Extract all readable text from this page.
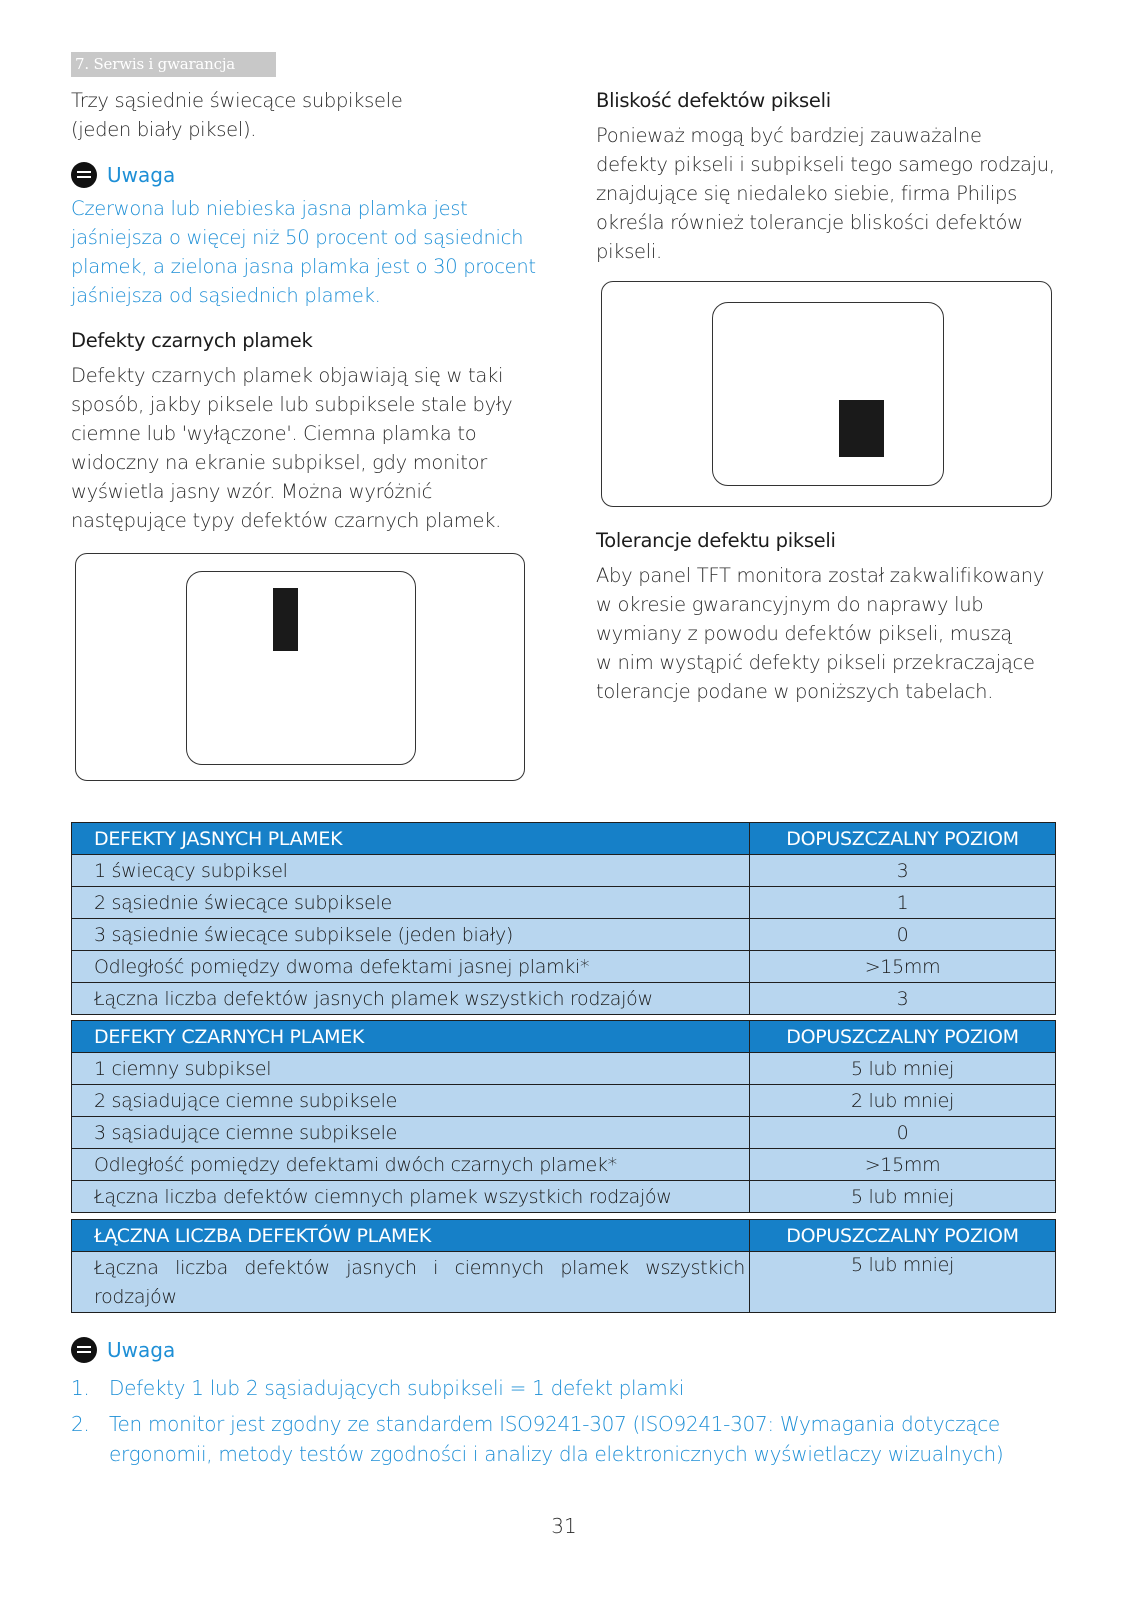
7. Serwis i gwarancja
Trzy sąsiednie świecące subpiksele
(jeden biały piksel).
Uwaga
Czerwona lub niebieska jasna plamka jest
jaśniejsza o więcej niż 50 procent od sąsiednich
plamek, a zielona jasna plamka jest o 30 procent
jaśniejsza od sąsiednich plamek.
Defekty czarnych plamek
Defekty czarnych plamek objawiają się w taki
sposób, jakby piksele lub subpiksele stale były
ciemne lub 'wyłączone'. Ciemna plamka to
widoczny na ekranie subpiksel, gdy monitor
wyświetla jasny wzór. Można wyróżnić
następujące typy defektów czarnych plamek.
Bliskość defektów pikseli
Ponieważ mogą być bardziej zauważalne
defekty pikseli i subpikseli tego samego rodzaju,
znajdujące się niedaleko siebie, firma Philips
określa również tolerancje bliskości defektów
pikseli.
Tolerancje defektu pikseli
Aby panel TFT monitora został zakwalifikowany
w okresie gwarancyjnym do naprawy lub
wymiany z powodu defektów pikseli, muszą
w nim wystąpić defekty pikseli przekraczające
tolerancje podane w poniższych tabelach.
DEFEKTY JASNYCH PLAMEK	DOPUSZCZALNY POZIOM
1 świecący subpiksel	3
2 sąsiednie świecące subpiksele	1
3 sąsiednie świecące subpiksele (jeden biały)	0
Odległość pomiędzy dwoma defektami jasnej plamki*	>15mm
Łączna liczba defektów jasnych plamek wszystkich rodzajów	3
DEFEKTY CZARNYCH PLAMEK	DOPUSZCZALNY POZIOM
1 ciemny subpiksel	5 lub mniej
2 sąsiadujące ciemne subpiksele	2 lub mniej
3 sąsiadujące ciemne subpiksele	0
Odległość pomiędzy defektami dwóch czarnych plamek*	>15mm
Łączna liczba defektów ciemnych plamek wszystkich rodzajów	5 lub mniej
ŁĄCZNA LICZBA DEFEKTÓW PLAMEK	DOPUSZCZALNY POZIOM
Łączna liczba defektów jasnych i ciemnych plamek wszystkich rodzajów	5 lub mniej
Uwaga
1. Defekty 1 lub 2 sąsiadujących subpikseli = 1 defekt plamki
2. Ten monitor jest zgodny ze standardem ISO9241-307 (ISO9241-307: Wymagania dotyczące ergonomii, metody testów zgodności i analizy dla elektronicznych wyświetlaczy wizualnych)
31
